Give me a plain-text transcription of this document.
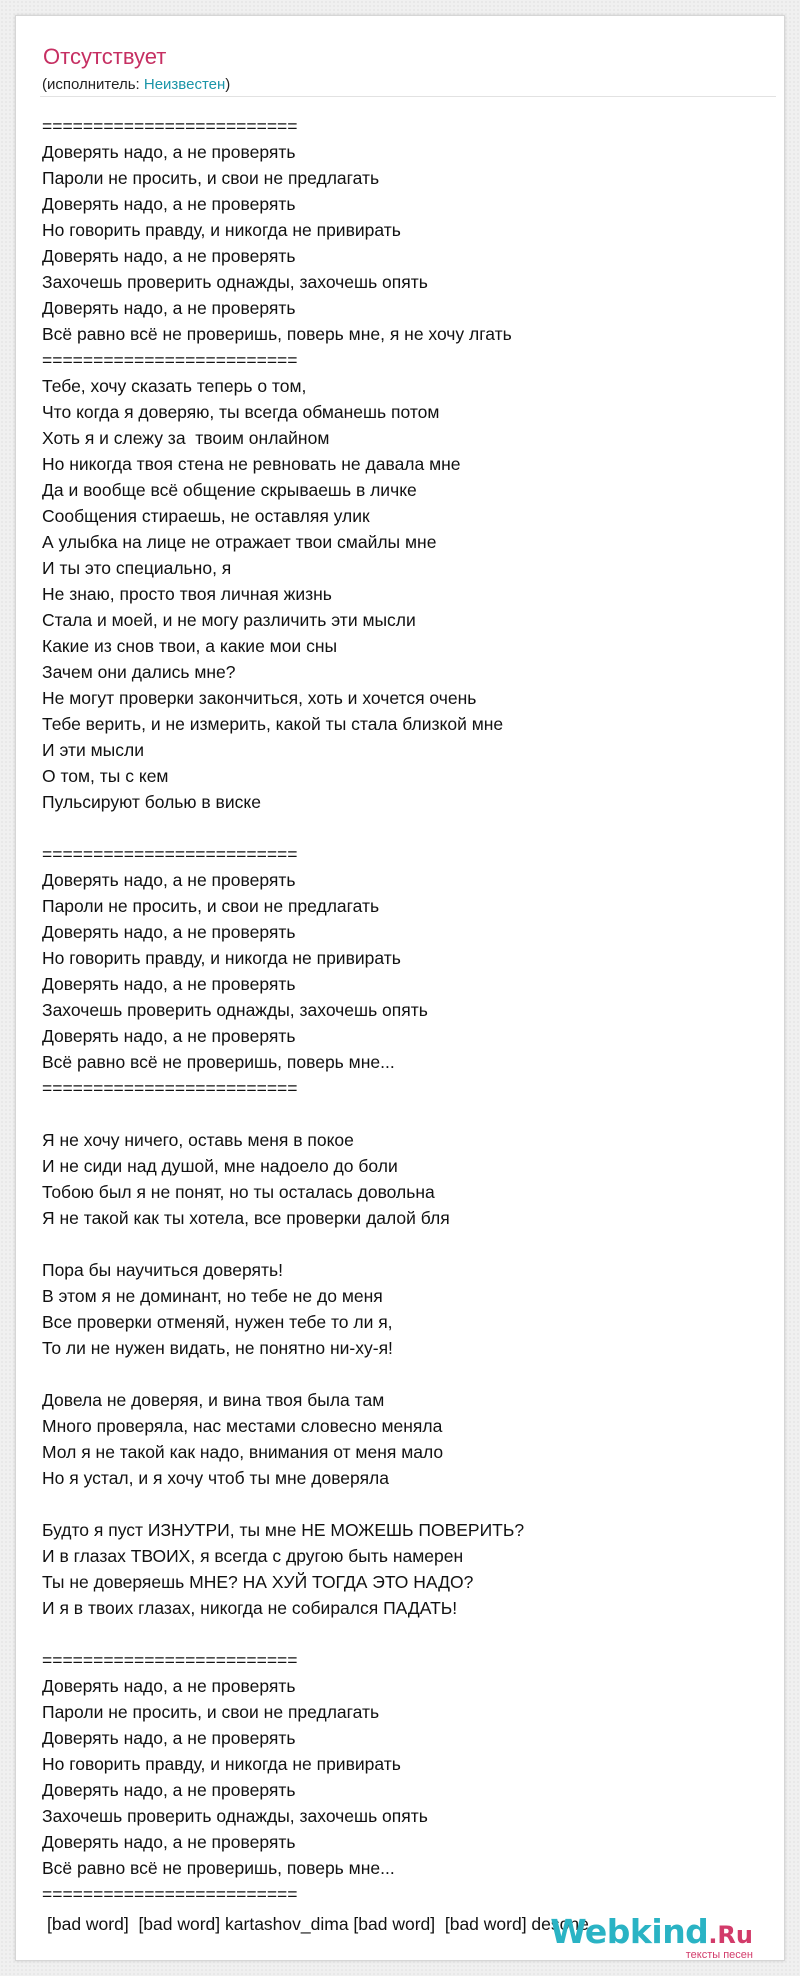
Отсутствует
(исполнитель: Неизвестен)
=========================
Доверять надо, а не проверять
Пароли не просить, и свои не предлагать
Доверять надо, а не проверять
Но говорить правду, и никогда не привирать
Доверять надо, а не проверять
Захочешь проверить однажды, захочешь опять
Доверять надо, а не проверять
Всё равно всё не проверишь, поверь мне, я не хочу лгать
=========================
Тебе, хочу сказать теперь о том,
Что когда я доверяю, ты всегда обманешь потом
Хоть я и слежу за  твоим онлайном
Но никогда твоя стена не ревновать не давала мне
Да и вообще всё общение скрываешь в личке
Сообщения стираешь, не оставляя улик
А улыбка на лице не отражает твои смайлы мне
И ты это специально, я
Не знаю, просто твоя личная жизнь
Стала и моей, и не могу различить эти мысли
Какие из снов твои, а какие мои сны
Зачем они дались мне?
Не могут проверки закончиться, хоть и хочется очень
Тебе верить, и не измерить, какой ты стала близкой мне
И эти мысли
О том, ты с кем
Пульсируют болью в виске

=========================
Доверять надо, а не проверять
Пароли не просить, и свои не предлагать
Доверять надо, а не проверять
Но говорить правду, и никогда не привирать
Доверять надо, а не проверять
Захочешь проверить однажды, захочешь опять
Доверять надо, а не проверять
Всё равно всё не проверишь, поверь мне...
=========================

Я не хочу ничего, оставь меня в покое
И не сиди над душой, мне надоело до боли
Тобою был я не понят, но ты осталась довольна
Я не такой как ты хотела, все проверки далой бля

Пора бы научиться доверять!
В этом я не доминант, но тебе не до меня
Все проверки отменяй, нужен тебе то ли я,
То ли не нужен видать, не понятно ни-ху-я!

Довела не доверяя, и вина твоя была там
Много проверяла, нас местами словесно меняла
Мол я не такой как надо, внимания от меня мало
Но я устал, и я хочу чтоб ты мне доверяла

Будто я пуст ИЗНУТРИ, ты мне НЕ МОЖЕШЬ ПОВЕРИТЬ?
И в глазах ТВОИХ, я всегда с другою быть намерен
Ты не доверяешь МНЕ? НА ХУЙ ТОГДА ЭТО НАДО?
И я в твоих глазах, никогда не собирался ПАДАТЬ!

=========================
Доверять надо, а не проверять
Пароли не просить, и свои не предлагать
Доверять надо, а не проверять
Но говорить правду, и никогда не привирать
Доверять надо, а не проверять
Захочешь проверить однажды, захочешь опять
Доверять надо, а не проверять
Всё равно всё не проверишь, поверь мне...
=========================
[bad word]  [bad word] kartashov_dima [bad word]  [bad word] desone
Webkind.Ru
тексты песен
